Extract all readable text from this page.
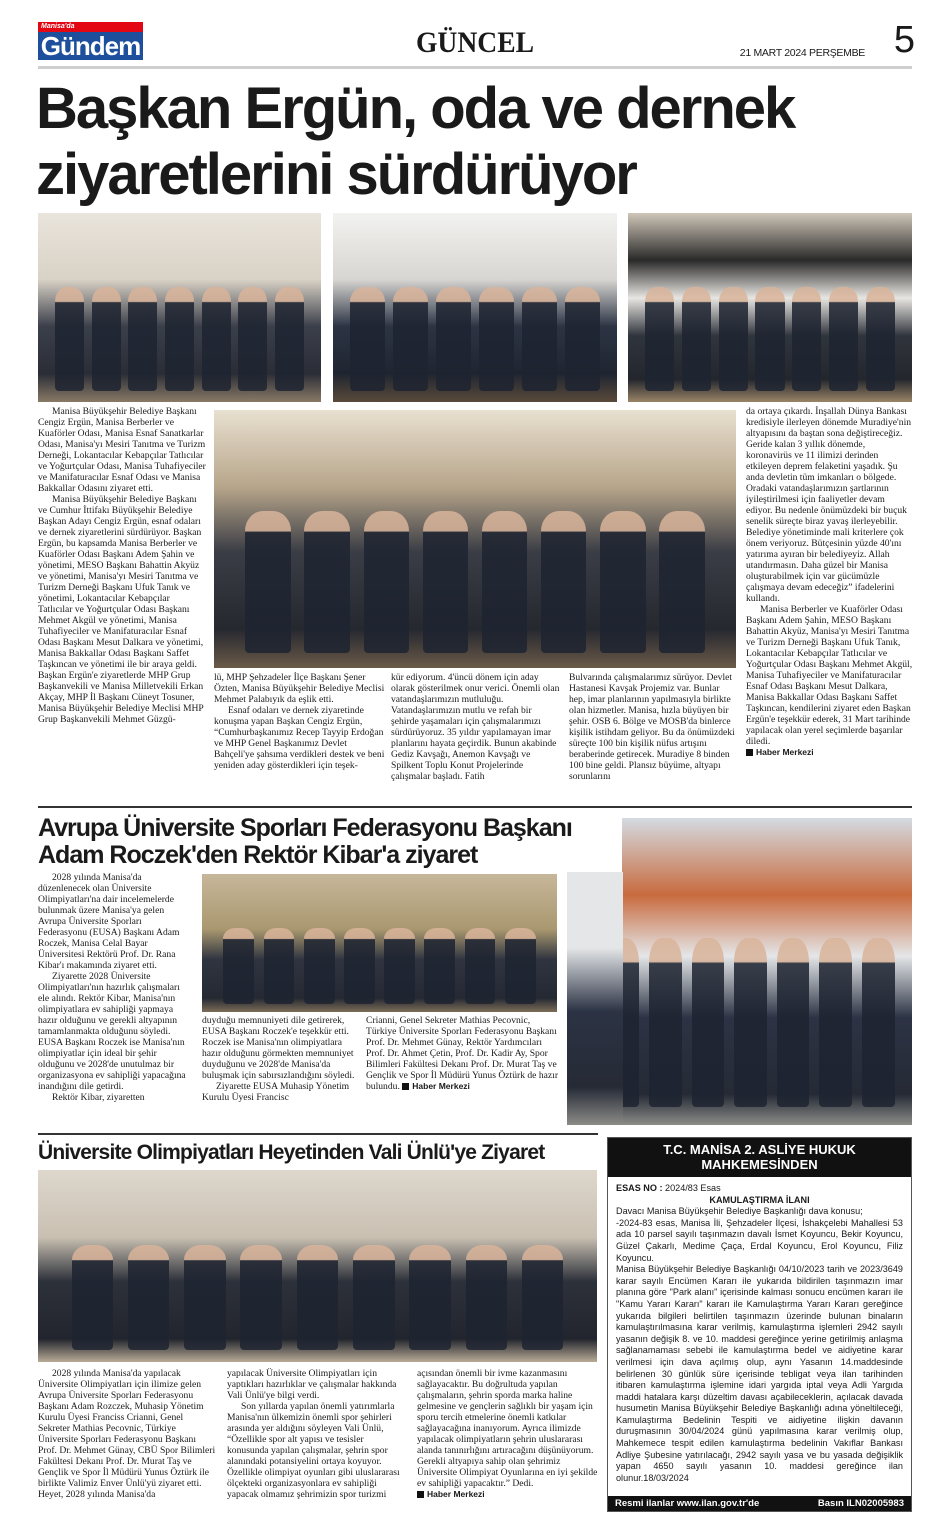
Manisa'da
Gündem	GÜNCEL	21 MART 2024 PERŞEMBE 5
Başkan Ergün, oda ve dernek
ziyaretlerini sürdürüyor

Manisa Büyükşehir Belediye Başkanı Cengiz Ergün, Manisa Berberler ve Kuaförler Odası, Manisa Esnaf Sanatkarlar Odası, Manisa'yı Mesiri Tanıtma ve Turizm Derneği, Lokantacılar Kebapçılar Tatlıcılar ve Yoğurtçular Odası, Manisa Tuhafiyeciler ve Manifaturacılar Esnaf Odası ve Manisa Bakkallar Odasını ziyaret etti.

Manisa Büyükşehir Belediye Başkanı ve Cumhur İttifakı Büyükşehir Belediye Başkan Adayı Cengiz Ergün, esnaf odaları ve dernek ziyaretlerini sürdürüyor. Başkan Ergün, bu kapsamda Manisa Berberler ve Kuaförler Odası Başkanı Adem Şahin ve yönetimi, MESO Başkanı Bahattin Akyüz ve yönetimi, Manisa'yı Mesiri Tanıtma ve Turizm Derneği Başkanı Ufuk Tanık ve yönetimi, Lokantacılar Kebapçılar Tatlıcılar ve Yoğurtçular Odası Başkanı Mehmet Akgül ve yönetimi, Manisa Tuhafiyeciler ve Manifaturacılar Esnaf Odası Başkanı Mesut Dalkara ve yönetimi, Manisa Bakkallar Odası Başkanı Saffet Taşkıncan ve yönetimi ile bir araya geldi. Başkan Ergün'e ziyaretlerde MHP Grup Başkanvekili ve Manisa Milletvekili Erkan Akçay, MHP İl Başkanı Cüneyt Tosuner, Manisa Büyükşehir Belediye Meclisi MHP Grup Başkanvekili Mehmet Güzgü-

lü, MHP Şehzadeler İlçe Başkanı Şener Özten, Manisa Büyükşehir Belediye Meclisi Mehmet Palabıyık da eşlik etti.

Esnaf odaları ve dernek ziyaretinde konuşma yapan Başkan Cengiz Ergün, “Cumhurbaşkanımız Recep Tayyip Erdoğan ve MHP Genel Başkanımız Devlet Bahçeli'ye şahsıma verdikleri destek ve beni yeniden aday gösterdikleri için teşek-

kür ediyorum. 4'üncü dönem için aday olarak gösterilmek onur verici. Önemli olan vatandaşlarımızın mutluluğu. Vatandaşlarımızın mutlu ve refah bir şehirde yaşamaları için çalışmalarımızı sürdürüyoruz. 35 yıldır yapılamayan imar planlarını hayata geçirdik. Bunun akabinde Gediz Kavşağı, Anemon Kavşağı ve Spilkent Toplu Konut Projelerinde çalışmalar başladı. Fatih

Bulvarında çalışmalarımız sürüyor. Devlet Hastanesi Kavşak Projemiz var. Bunlar hep, imar planlarının yapılmasıyla birlikte olan hizmetler. Manisa, hızla büyüyen bir şehir. OSB 6. Bölge ve MOSB'da binlerce kişilik istihdam geliyor. Bu da önümüzdeki süreçte 100 bin kişilik nüfus artışını beraberinde getirecek. Muradiye 8 binden 100 bine geldi. Plansız büyüme, altyapı sorunlarını

da ortaya çıkardı. İnşallah Dünya Bankası kredisiyle ilerleyen dönemde Muradiye'nin altyapısını da baştan sona değiştireceğiz. Geride kalan 3 yıllık dönemde, koronavirüs ve 11 ilimizi derinden etkileyen deprem felaketini yaşadık. Şu anda devletin tüm imkanları o bölgede. Oradaki vatandaşlarımızın şartlarının iyileştirilmesi için faaliyetler devam ediyor. Bu nedenle önümüzdeki bir buçuk senelik süreçte biraz yavaş ilerleyebilir. Belediye yönetiminde mali kriterlere çok önem veriyoruz. Bütçesinin yüzde 40'ını yatırıma ayıran bir belediyeyiz. Allah utandırmasın. Daha güzel bir Manisa oluşturabilmek için var gücümüzle çalışmaya devam edeceğiz” ifadelerini kullandı.

Manisa Berberler ve Kuaförler Odası Başkanı Adem Şahin, MESO Başkanı Bahattin Akyüz, Manisa'yı Mesiri Tanıtma ve Turizm Derneği Başkanı Ufuk Tanık, Lokantacılar Kebapçılar Tatlıcılar ve Yoğurtçular Odası Başkanı Mehmet Akgül, Manisa Tuhafiyeciler ve Manifaturacılar Esnaf Odası Başkanı Mesut Dalkara, Manisa Bakkallar Odası Başkanı Saffet Taşkıncan, kendilerini ziyaret eden Başkan Ergün'e teşekkür ederek, 31 Mart tarihinde yapılacak olan yerel seçimlerde başarılar diledi.

Haber Merkezi
Avrupa Üniversite Sporları Federasyonu Başkanı
Adam Roczek'den Rektör Kibar'a ziyaret

2028 yılında Manisa'da düzenlenecek olan Üniversite Olimpiyatları'na dair incelemelerde bulunmak üzere Manisa'ya gelen Avrupa Üniversite Sporları Federasyonu (EUSA) Başkanı Adam Roczek, Manisa Celal Bayar Üniversitesi Rektörü Prof. Dr. Rana Kibar'ı makamında ziyaret etti.

Ziyarette 2028 Üniversite Olimpiyatları'nın hazırlık çalışmaları ele alındı. Rektör Kibar, Manisa'nın olimpiyatlara ev sahipliği yapmaya hazır olduğunu ve gerekli altyapının tamamlanmakta olduğunu söyledi. EUSA Başkanı Roczek ise Manisa'nın olimpiyatlar için ideal bir şehir olduğunu ve 2028'de unutulmaz bir organizasyona ev sahipliği yapacağına inandığını dile getirdi.

Rektör Kibar, ziyaretten

duyduğu memnuniyeti dile getirerek, EUSA Başkanı Roczek'e teşekkür etti. Roczek ise Manisa'nın olimpiyatlara hazır olduğunu görmekten memnuniyet duyduğunu ve 2028'de Manisa'da buluşmak için sabırsızlandığını söyledi.

Ziyarette EUSA Muhasip Yönetim Kurulu Üyesi Francisс

Crianni, Genel Sekreter Mathias Pecovnic, Türkiye Üniversite Sporları Federasyonu Başkanı Prof. Dr. Mehmet Günay, Rektör Yardımcıları Prof. Dr. Ahmet Çetin, Prof. Dr. Kadir Ay, Spor Bilimleri Fakültesi Dekanı Prof. Dr. Murat Taş ve Gençlik ve Spor İl Müdürü Yunus Öztürk de hazır bulundu. Haber Merkezi

Üniversite Olimpiyatları Heyetinden Vali Ünlü'ye Ziyaret

2028 yılında Manisa'da yapılacak Üniversite Olimpiyatları için ilimize gelen Avrupa Üniversite Sporları Federasyonu Başkanı Adam Rozczek, Muhasip Yönetim Kurulu Üyesi Franciss Crianni, Genel Sekreter Mathias Pecovnic, Türkiye Üniversite Sporları Federasyonu Başkanı Prof. Dr. Mehmet Günay, CBÜ Spor Bilimleri Fakültesi Dekanı Prof. Dr. Murat Taş ve Gençlik ve Spor İl Müdürü Yunus Öztürk ile birlikte Valimiz Enver Ünlü'yü ziyaret etti. Heyet, 2028 yılında Manisa'da

yapılacak Üniversite Olimpiyatları için yaptıkları hazırlıklar ve çalışmalar hakkında Vali Ünlü'ye bilgi verdi.

Son yıllarda yapılan önemli yatırımlarla Manisa'nın ülkemizin önemli spor şehirleri arasında yer aldığını söyleyen Vali Ünlü, “Özellikle spor alt yapısı ve tesisler konusunda yapılan çalışmalar, şehrin spor alanındaki potansiyelini ortaya koyuyor. Özellikle olimpiyat oyunları gibi uluslararası ölçekteki organizasyonlara ev sahipliği yapacak olmamız şehrimizin spor turizmi

açısından önemli bir ivme kazanmasını sağlayacaktır. Bu doğrultuda yapılan çalışmaların, şehrin sporda marka haline gelmesine ve gençlerin sağlıklı bir yaşam için sporu tercih etmelerine önemli katkılar sağlayacağına inanıyorum. Ayrıca ilimizde yapılacak olimpiyatların şehrin uluslararası alanda tanınırlığını artıracağını düşünüyorum. Gerekli altyapıya sahip olan şehrimiz Üniversite Olimpiyat Oyunlarına en iyi şekilde ev sahipliği yapacaktır.” Dedi.

Haber Merkezi
T.C. MANİSA 2. ASLİYE HUKUK
MAHKEMESİNDEN
ESAS NO : 2024/83 Esas
KAMULAŞTIRMA İLANI
Davacı Manisa Büyükşehir Belediye Başkanlığı dava konusu;
-2024-83 esas, Manisa İli, Şehzadeler İlçesi, İshakçelebi Mahallesi 53 ada 10 parsel sayılı taşınmazın davalı İsmet Koyuncu, Bekir Koyuncu, Güzel Çakarlı, Medime Çaça, Erdal Koyuncu, Erol Koyuncu, Filiz Koyuncu.
Manisa Büyükşehir Belediye Başkanlığı 04/10/2023 tarih ve 2023/3649 karar sayılı Encümen Kararı ile yukarıda bildirilen taşınmazın imar planına göre "Park alanı" içerisinde kalması sonucu encümen kararı ile "Kamu Yararı Kararı" kararı ile Kamulaştırma Yararı Kararı gereğince yukarıda bilgileri belirtilen taşınmazın üzerinde bulunan binaların kamulaştırılmasına karar verilmiş, kamulaştırma işlemleri 2942 sayılı yasanın değişik 8. ve 10. maddesi gereğince yerine getirilmiş anlaşma sağlanamaması sebebi ile kamulaştırma bedel ve aidiyetine karar verilmesi için dava açılmış olup, aynı Yasanın 14.maddesinde belirlenen 30 günlük süre içerisinde tebligat veya ilan tarihinden itibaren kamulaştırma işlemine idari yargıda iptal veya Adli Yargıda maddi hatalara karşı düzeltim davası açabileceklerin, açılacak davada husumetin Manisa Büyükşehir Belediye Başkanlığı adına yöneltileceği, Kamulaştırma Bedelinin Tespiti ve aidiyetine ilişkin davanın duruşmasının 30/04/2024 günü yapılmasına karar verilmiş olup, Mahkemece tespit edilen kamulaştırma bedelinin Vakıflar Bankası Adliye Şubesine yatırılacağı, 2942 sayılı yasa ve bu yasada değişiklik yapan 4650 sayılı yasanın 10. maddesi gereğince ilan olunur.18/03/2024
Resmi ilanlar www.ilan.gov.tr'de	Basın ILN02005983
